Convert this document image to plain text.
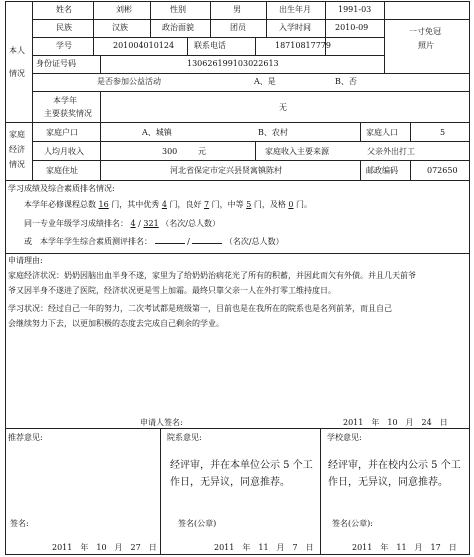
本人
情况
姓名	刘彬	性别	男	出生年月	1991-03
民族	汉族	政治面貌	团员	入学时间	2010-09	一寸免冠
照片
学号	201004010124 联系电话	18710817779
身份证号码	130626199103022613
是否参加公益活动	A、是	B、否
本学年
主要获奖情况
无
家庭
经济
情况
家庭户口	A、城镇	B、农村	家庭人口	5
人均月收入	300	元	家庭收入主要来源	父亲外出打工
家庭住址	河北省保定市定兴县贤寓镇陈村	邮政编码	072650
学习成绩及综合素质排名情况:
本学年必修课程总数 16 门，其中优秀 4 门，良好 7 门，中等 5 门，及格 0 门。
同一专业年级学习成绩排名： 4 / 321 （名次/总人数）
或　本学年学生综合素质测评排名：	/	（名次/总人数）
申请理由:
家庭经济状况：奶奶因脑出血半身不遂，家里为了给奶奶治病花光了所有的积蓄，并因此而欠有外债。并且几天前爷
爷又因半身不遂进了医院，经济状况更是雪上加霜。最终只靠父亲一人在外打零工维持度日。
学习状况：经过自己一年的努力，二次考试都是班级第一，目前也是在我所在的院系也是名列前茅，而且自己
会继续努力下去，以更加积极的态度去完成自己剩余的学业。
申请人签名:	2011　年　10　月　24　日
推荐意见:	院系意见:	学校意见:
经评审，并在本单位公示 5 个工
作日，无异议，同意推荐。
经评审，并在校内公示 5 个工
作日，无异议，同意推荐。
签名:	签名(公章)	签名(公章):
2011　年　10　月　27　日	2011　年　11　月　7　日	2011　年　11　月　17　日
